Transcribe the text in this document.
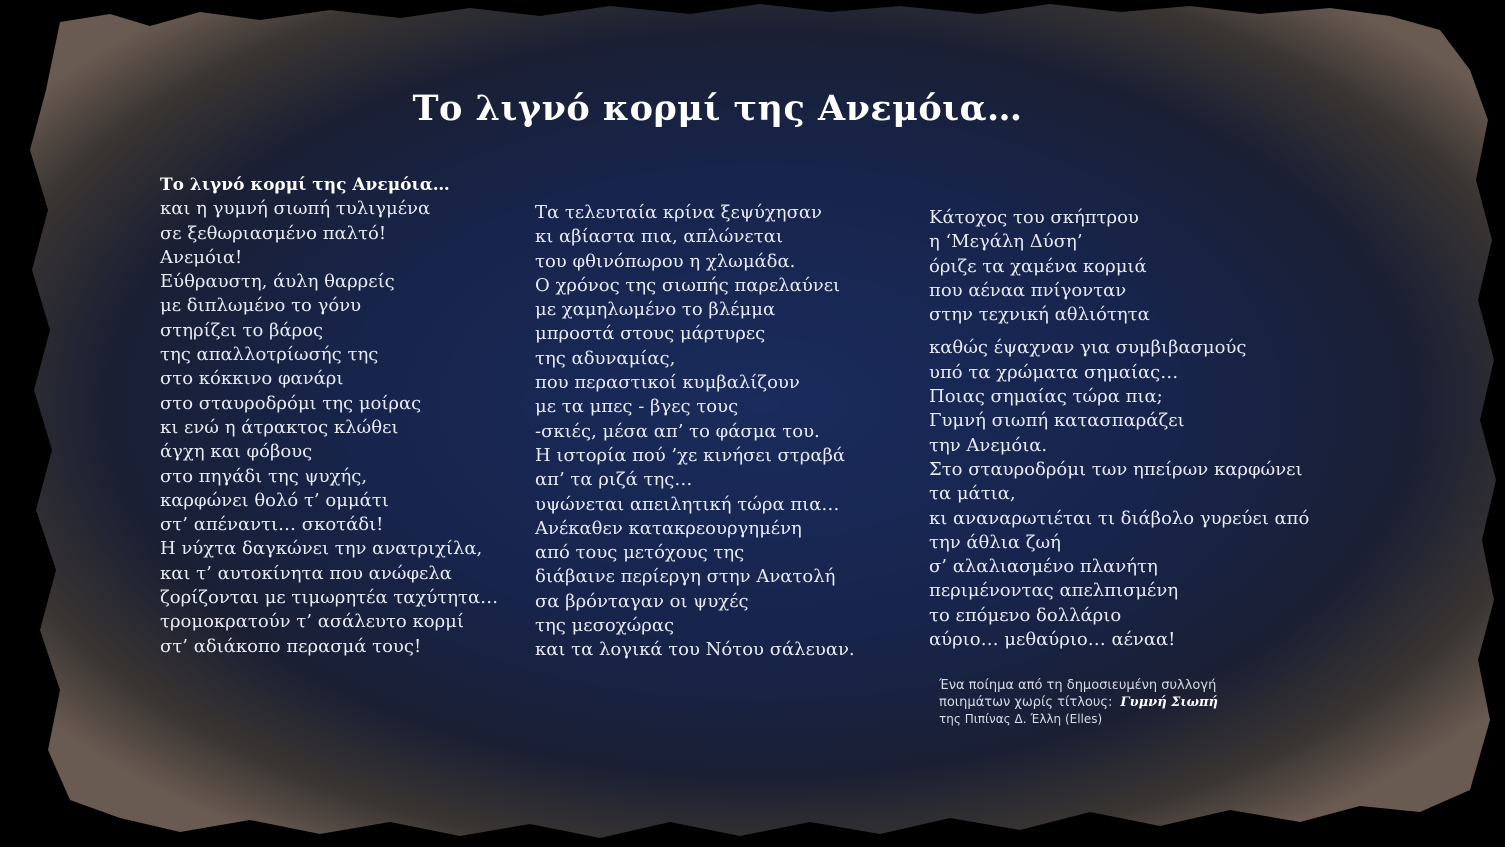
Το λιγνό κορμί της Ανεμόια…
Το λιγνό κορμί της Ανεμόια…
και η γυμνή σιωπή τυλιγμένα
σε ξεθωριασμένο παλτό!
Ανεμόια!
Εύθραυστη, άυλη θαρρείς
με διπλωμένο το γόνυ
στηρίζει το βάρος
της απαλλοτρίωσής της
στο κόκκινο φανάρι
στο σταυροδρόμι της μοίρας
κι ενώ η άτρακτος κλώθει
άγχη και φόβους
στο πηγάδι της ψυχής,
καρφώνει θολό τ’ ομμάτι
στ’ απέναντι… σκοτάδι!
Η νύχτα δαγκώνει την ανατριχίλα,
και τ’ αυτοκίνητα που ανώφελα
ζορίζονται με τιμωρητέα ταχύτητα…
τρομοκρατούν τ’ ασάλευτο κορμί
στ’ αδιάκοπο περασμά τους!
Τα τελευταία κρίνα ξεψύχησαν
κι αβίαστα πια, απλώνεται
του φθινόπωρου η χλωμάδα.
Ο χρόνος της σιωπής παρελαύνει
με χαμηλωμένο το βλέμμα
μπροστά στους μάρτυρες
της αδυναμίας,
που περαστικοί κυμβαλίζουν
με τα μπες - βγες τους
-σκιές, μέσα απ’ το φάσμα του.
Η ιστορία πού ’χε κινήσει στραβά
απ’ τα ριζά της…
υψώνεται απειλητική τώρα πια…
Ανέκαθεν κατακρεουργημένη
από τους μετόχους της
διάβαινε περίεργη στην Ανατολή
σα βρόνταγαν οι ψυχές
της μεσοχώρας
και τα λογικά του Νότου σάλευαν.
Κάτοχος του σκήπτρου
η ‘Μεγάλη Δύση’
όριζε τα χαμένα κορμιά
που αέναα πνίγονταν
στην τεχνική αθλιότητα
καθώς έψαχναν για συμβιβασμούς
υπό τα χρώματα σημαίας…
Ποιας σημαίας τώρα πια;
Γυμνή σιωπή κατασπαράζει
την Ανεμόια.
Στο σταυροδρόμι των ηπείρων καρφώνει
τα μάτια,
κι αναναρωτιέται τι διάβολο γυρεύει από
την άθλια ζωή
σ’ αλαλιασμένο πλανήτη
περιμένοντας απελπισμένη
το επόμενο δολλάριο
αύριο… μεθαύριο… αέναα!
Ένα ποίημα από τη δημοσιευμένη συλλογή
ποιημάτων χωρίς τίτλους: Γυμνή Σιωπή
της Πιπίνας Δ. Έλλη (Elles)
